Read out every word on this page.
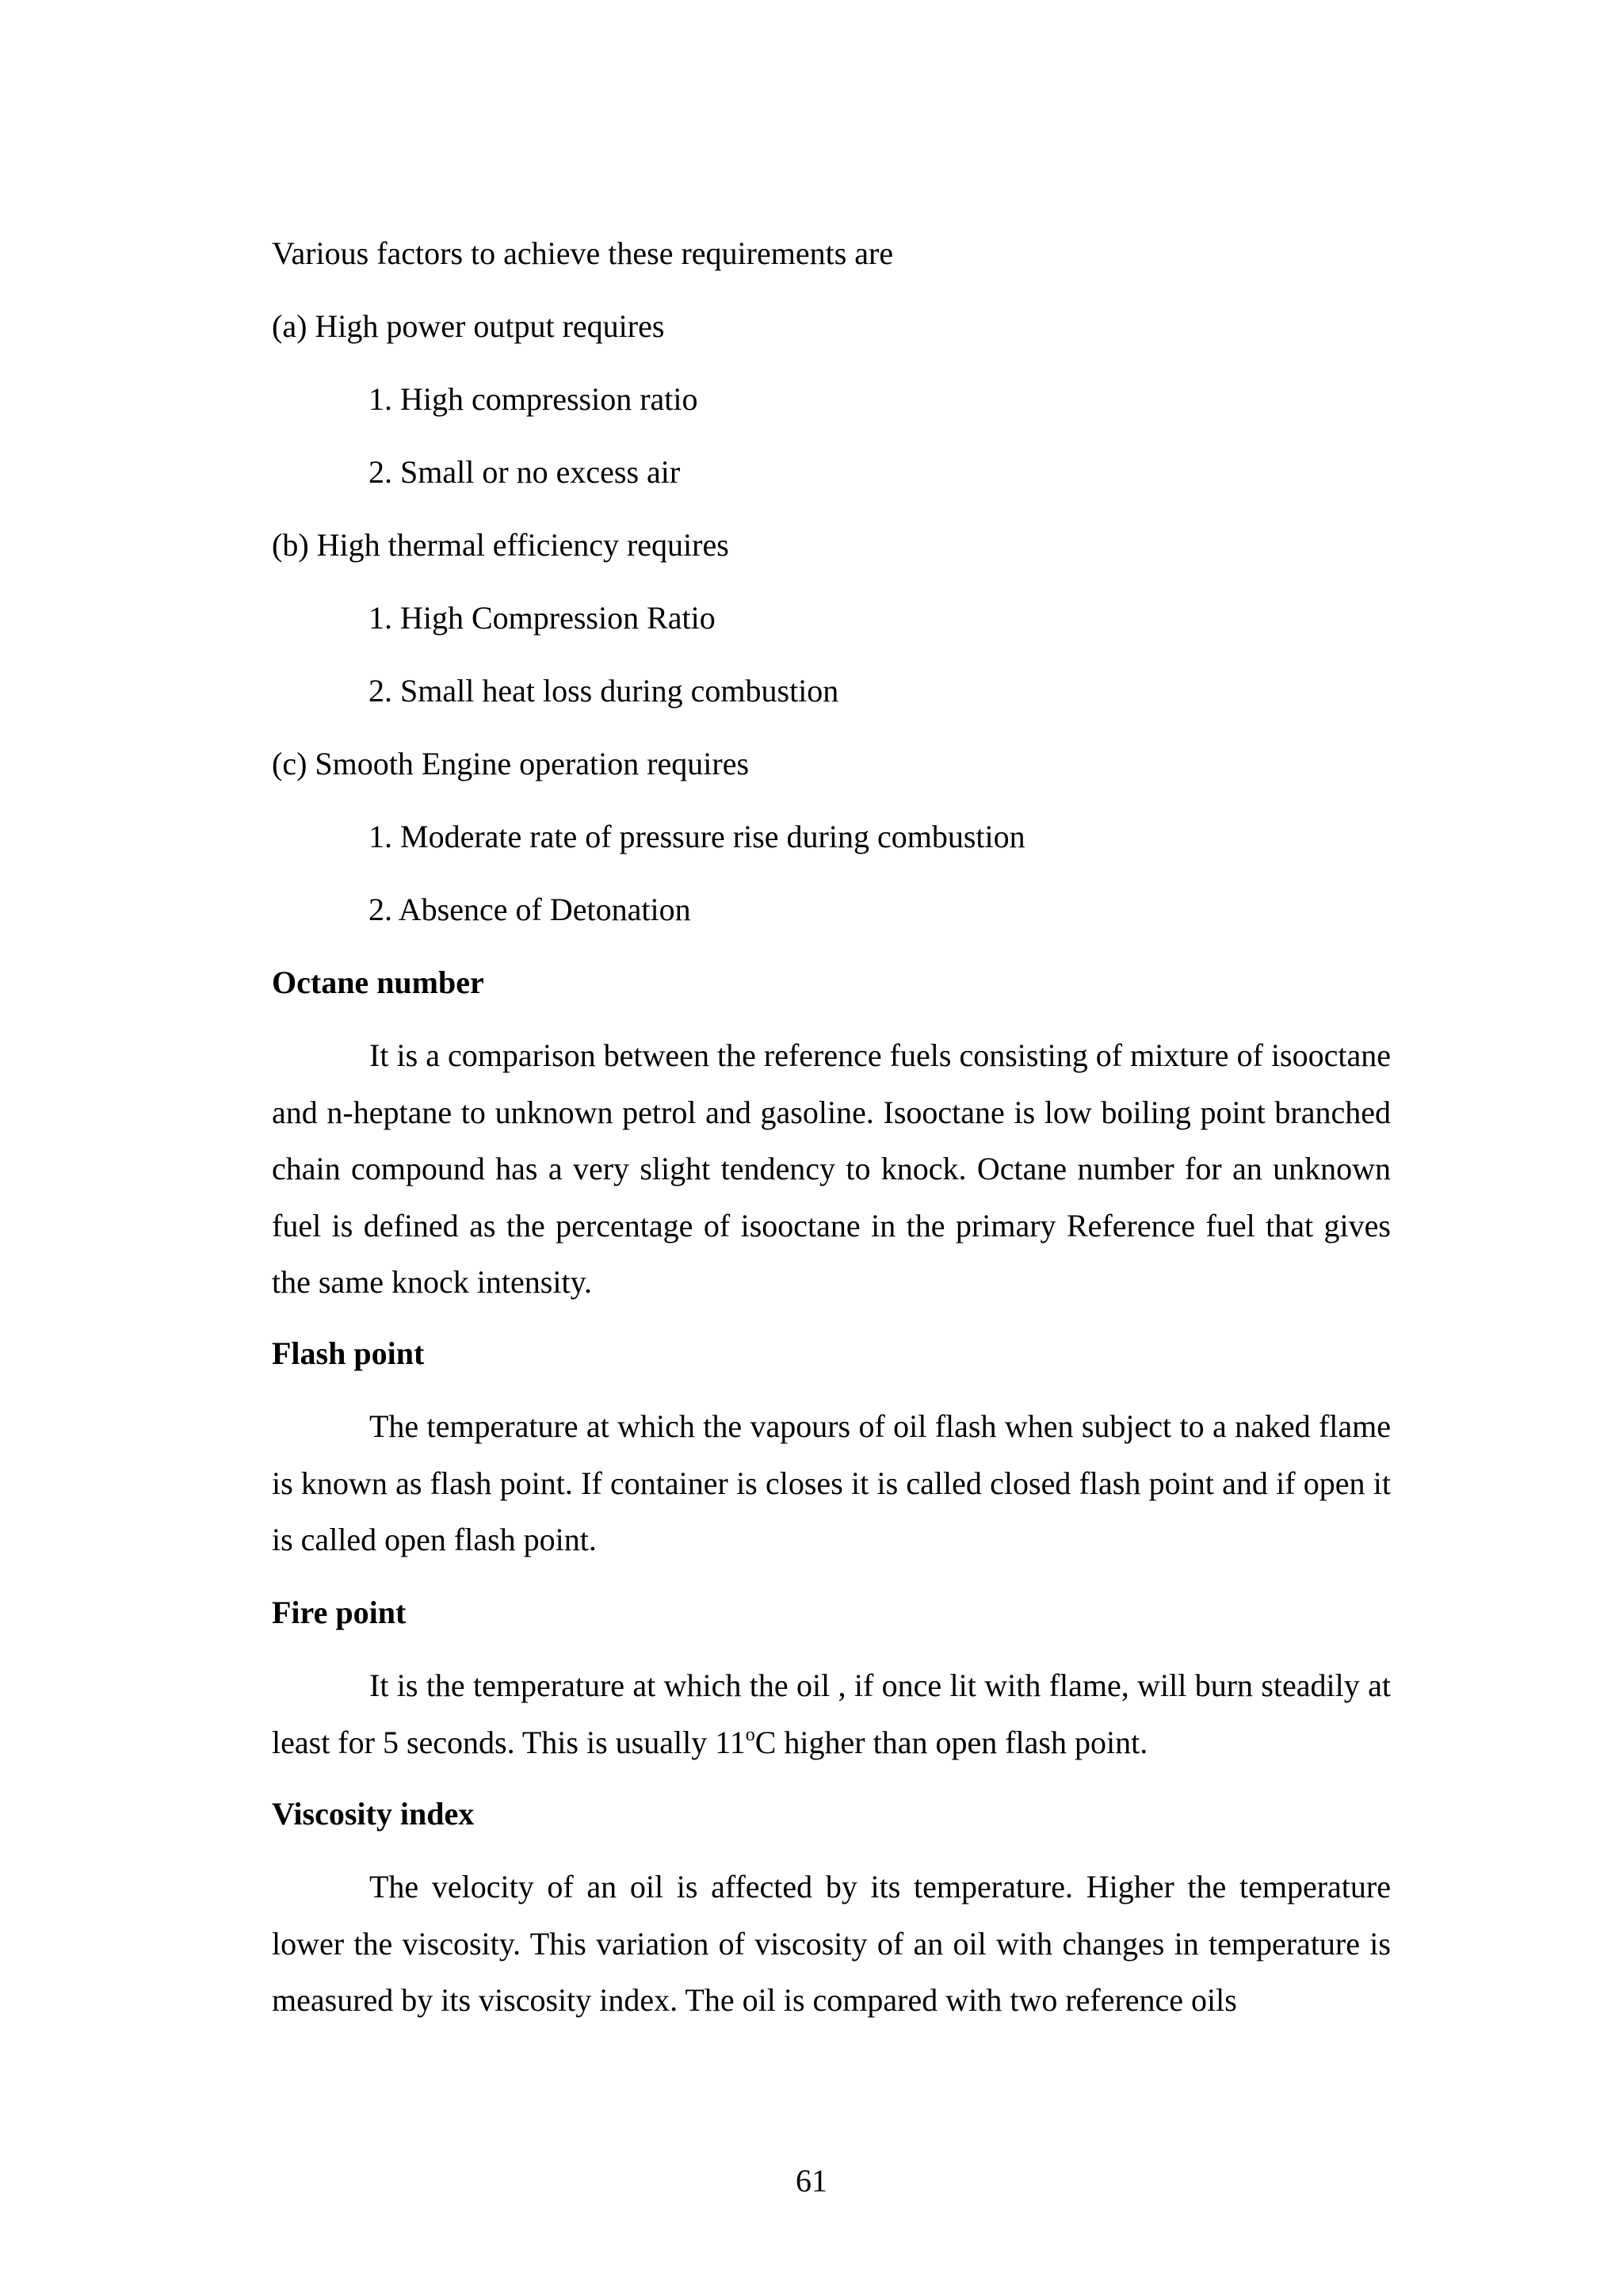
Various factors to achieve these requirements are
(a) High power output requires
1. High compression ratio
2. Small or no excess air
(b) High thermal efficiency requires
1. High Compression Ratio
2. Small heat loss during combustion
(c) Smooth Engine operation requires
1. Moderate rate of pressure rise during combustion
2. Absence of Detonation
Octane number
It is a comparison between the reference fuels consisting of mixture of isooctane and n-heptane to unknown petrol and gasoline. Isooctane is low boiling point branched chain compound has a very slight tendency to knock. Octane number for an unknown fuel is defined as the percentage of isooctane in the primary Reference fuel that gives the same knock intensity.
Flash point
The temperature at which the vapours of oil flash when subject to a naked flame is known as flash point. If container is closes it is called closed flash point and if open it is called open flash point.
Fire point
It is the temperature at which the oil , if once lit with flame, will burn steadily at least for 5 seconds. This is usually 11$^o$C higher than open flash point.
Viscosity index
The velocity of an oil is affected by its temperature. Higher the temperature lower the viscosity. This variation of viscosity of an oil with changes in temperature is measured by its viscosity index. The oil is compared with two reference oils
61
